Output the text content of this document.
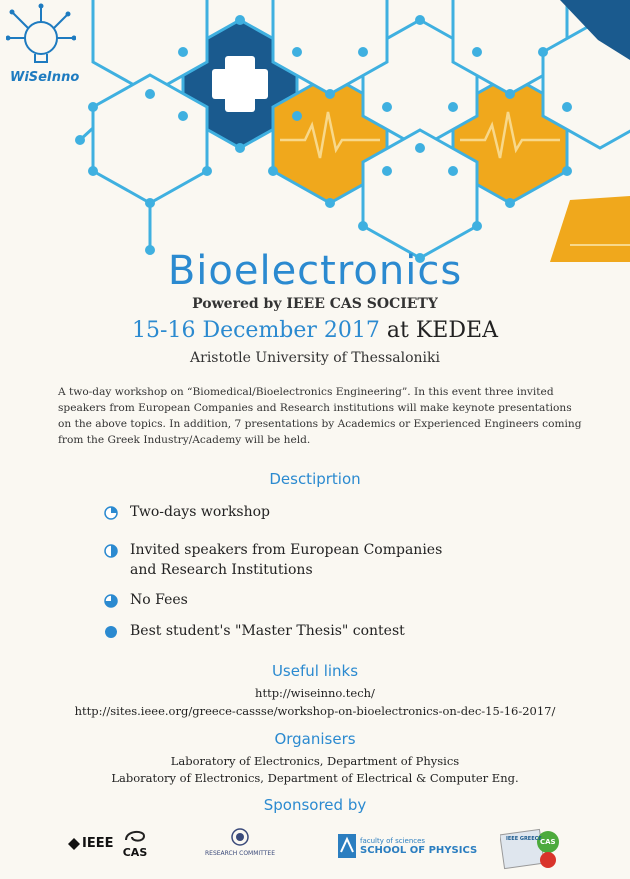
WiSeInno
Bioelectronics
Powered by IEEE CAS SOCIETY
15-16 December 2017 at KEDEA
Aristotle University of Thessaloniki
A two-day workshop on “Biomedical/Bioelectronics Engineering”. In this event three invited speakers from European Companies and Research institutions will make keynote presentations on the above topics. In addition, 7 presentations by Academics or Experienced Engineers coming from the Greek Industry/Academy will be held.
Desctiprtion
Two-days workshop
Invited speakers from European Companies
and Research Institutions
No Fees
Best student's "Master Thesis" contest
Useful links
http://wiseinno.tech/
http://sites.ieee.org/greece-cassse/workshop-on-bioelectronics-on-dec-15-16-2017/
Organisers
Laboratory of Electronics, Department of Physics
Laboratory of Electronics, Department of Electrical & Computer Eng.
Sponsored by
IEEE
CAS	RESEARCH COMMITTEE
faculty of sciences
SCHOOL OF PHYSICS
IEEE GREECE
CAS
